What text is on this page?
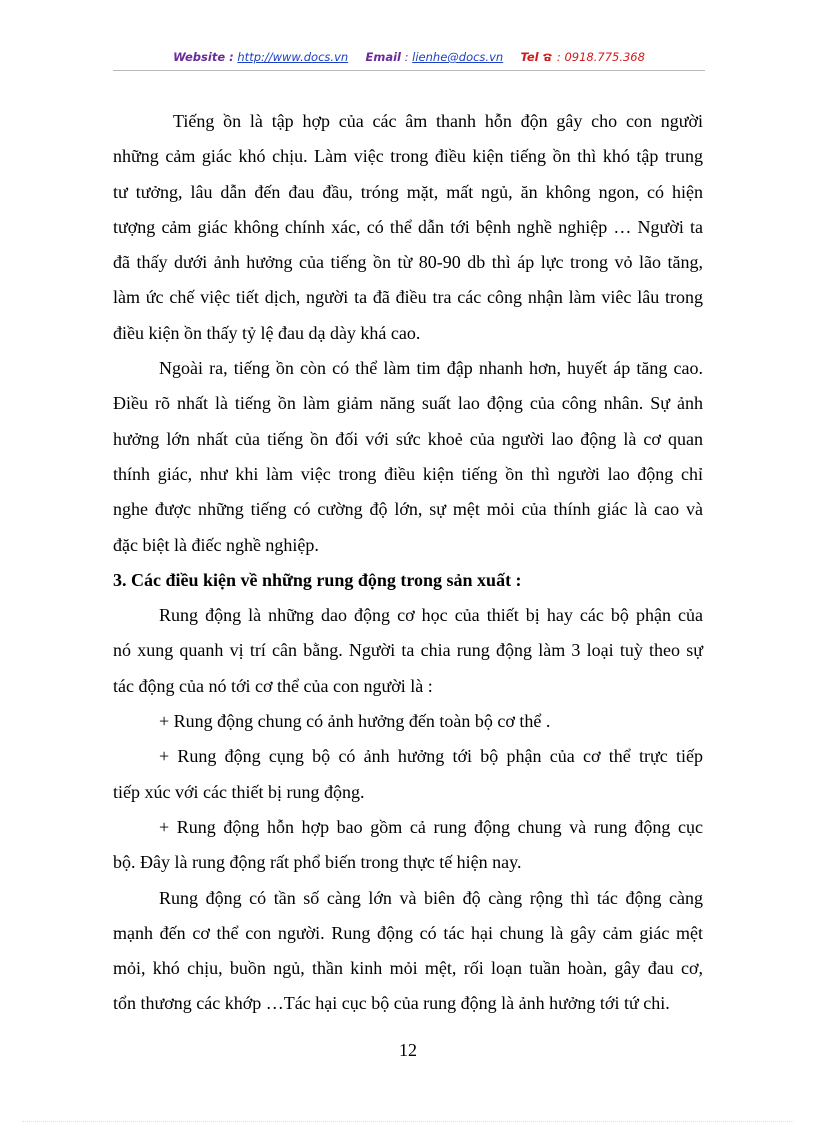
Website : http://www.docs.vn Email : lienhe@docs.vn Tel : 0918.775.368
Tiếng ồn là tập hợp của các âm thanh hỗn độn gây cho con người
những cảm giác khó chịu. Làm việc trong điều kiện tiếng ồn thì khó tập trung
tư tưởng, lâu dẫn đến đau đầu, tróng mặt, mất ngủ, ăn không ngon, có hiện
tượng cảm giác không chính xác, có thể dẫn tới bệnh nghề nghiệp … Người ta
đã thấy dưới ảnh hưởng của tiếng ồn từ 80-90 db thì áp lực trong vỏ lão tăng,
làm ức chế việc tiết dịch, người ta đã điều tra các công nhận làm viêc lâu trong
điều kiện ồn thấy tỷ lệ đau dạ dày khá cao.
Ngoài ra, tiếng ồn còn có thể làm tim đập nhanh hơn, huyết áp tăng cao.
Điều rõ nhất là tiếng ồn làm giảm năng suất lao động của công nhân. Sự ảnh
hưởng lớn nhất của tiếng ồn đối với sức khoẻ của người lao động là cơ quan
thính giác, như khi làm việc trong điều kiện tiếng ồn thì người lao động chỉ
nghe được những tiếng có cường độ lớn, sự mệt mỏi của thính giác là cao và
đặc biệt là điếc nghề nghiệp.
3. Các điều kiện về những rung động trong sản xuất :
Rung động là những dao động cơ học của thiết bị hay các bộ phận của
nó xung quanh vị trí cân bằng. Người ta chia rung động làm 3 loại tuỳ theo sự
tác động của nó tới cơ thể của con người là :
+ Rung động chung có ảnh hưởng đến toàn bộ cơ thể .
+ Rung động cụng bộ có ảnh hưởng tới bộ phận của cơ thể trực tiếp
tiếp xúc với các thiết bị rung động.
+ Rung động hỗn hợp bao gồm cả rung động chung và rung động cục
bộ. Đây là rung động rất phổ biến trong thực tế hiện nay.
Rung động có tần số càng lớn và biên độ càng rộng thì tác động càng
mạnh đến cơ thể con người. Rung động có tác hại chung là gây cảm giác mệt
mỏi, khó chịu, buồn ngủ, thần kinh mỏi mệt, rối loạn tuần hoàn, gây đau cơ,
tổn thương các khớp …Tác hại cục bộ của rung động là ảnh hưởng tới tứ chi.
12
